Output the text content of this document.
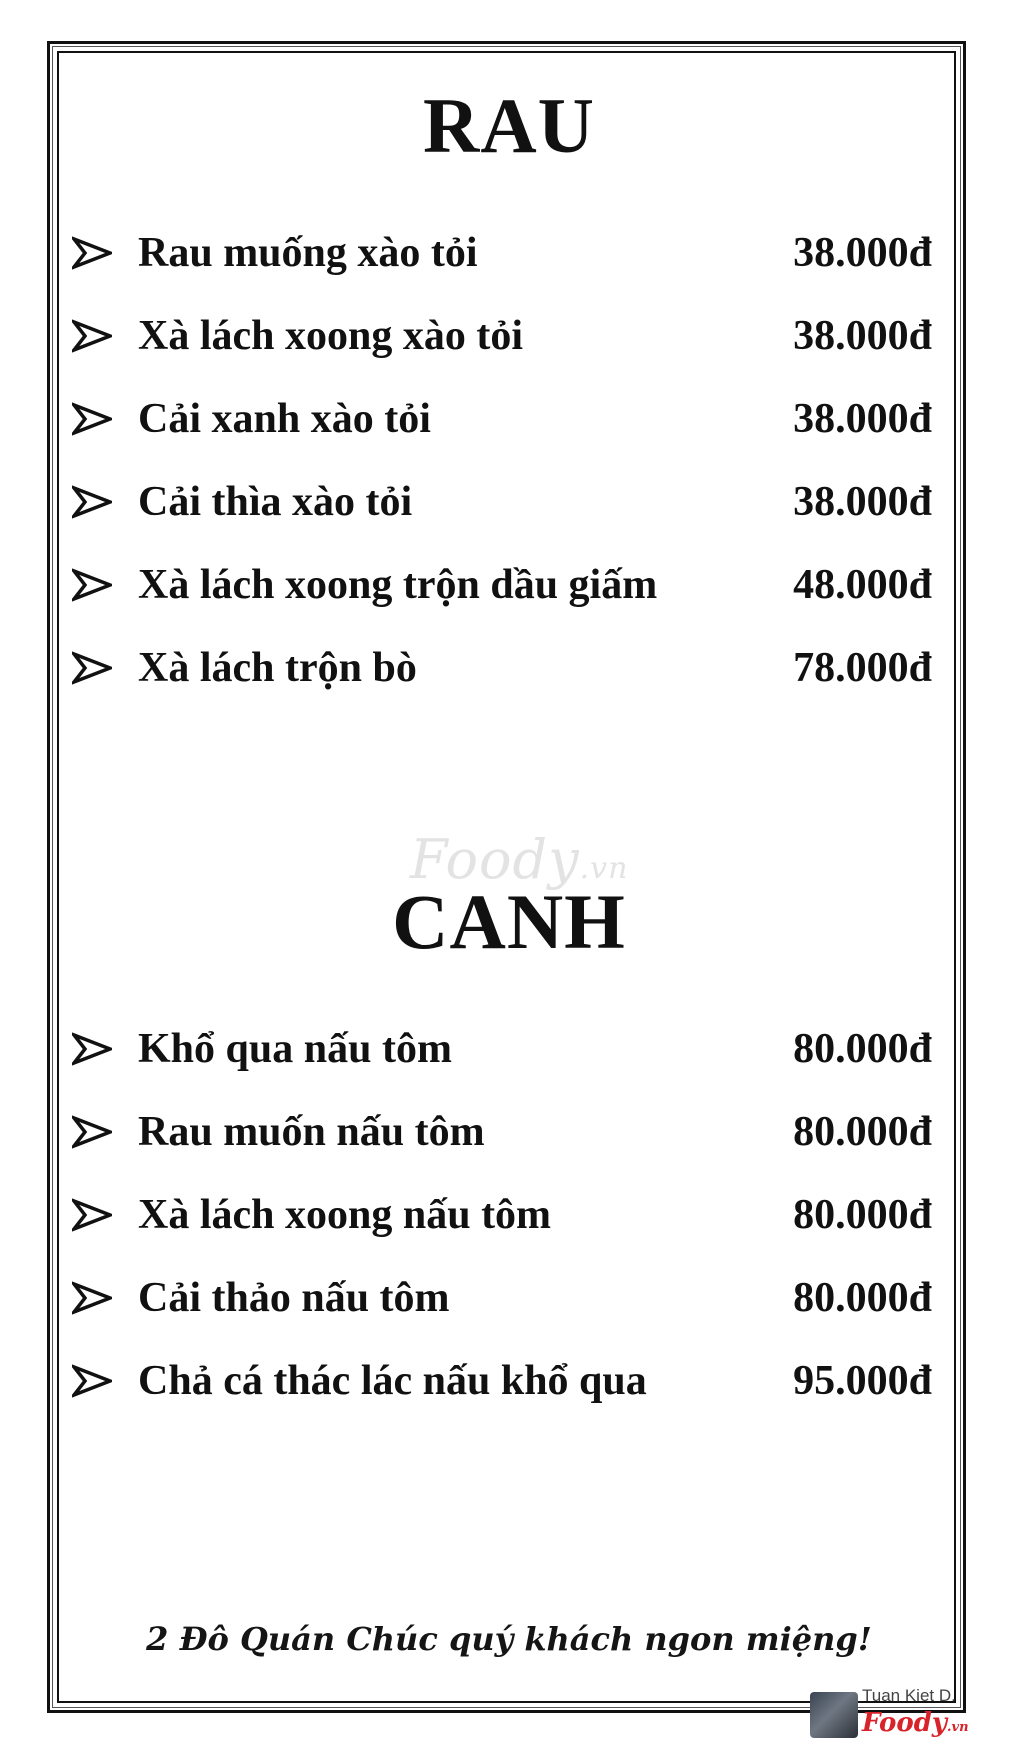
RAU
Rau muống xào tỏi	38.000đ
Xà lách xoong xào tỏi	38.000đ
Cải xanh xào tỏi	38.000đ
Cải thìa xào tỏi	38.000đ
Xà lách xoong trộn dầu giấm	48.000đ
Xà lách trộn bò	78.000đ
Foody.vn
CANH
Khổ qua nấu tôm	80.000đ
Rau muốn nấu tôm	80.000đ
Xà lách xoong nấu tôm	80.000đ
Cải thảo nấu tôm	80.000đ
Chả cá thác lác nấu khổ qua	95.000đ
2 Đô Quán Chúc quý khách ngon miệng!
Tuan Kiet D.
Foody.vn
